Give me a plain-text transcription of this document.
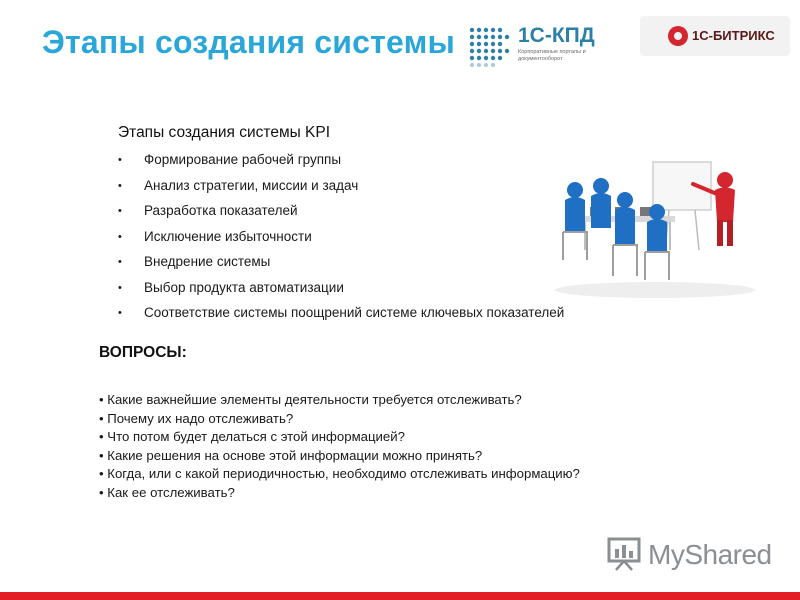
Этапы создания системы	1С-КПД
Корпоративные порталы и документооборот
1С-БИТРИКС
Этапы создания системы KPI
• Формирование рабочей группы
• Анализ стратегии, миссии и задач
• Разработка показателей
• Исключение избыточности
• Внедрение системы
• Выбор продукта автоматизации
• Соответствие системы поощрений системе ключевых показателей
ВОПРОСЫ:
• Какие важнейшие элементы деятельности требуется отслеживать?
• Почему их надо отслеживать?
• Что потом будет делаться с этой информацией?
• Какие решения на основе этой информации можно принять?
• Когда, или с какой периодичностью, необходимо отслеживать информацию?
• Как ее отслеживать?
MyShared
